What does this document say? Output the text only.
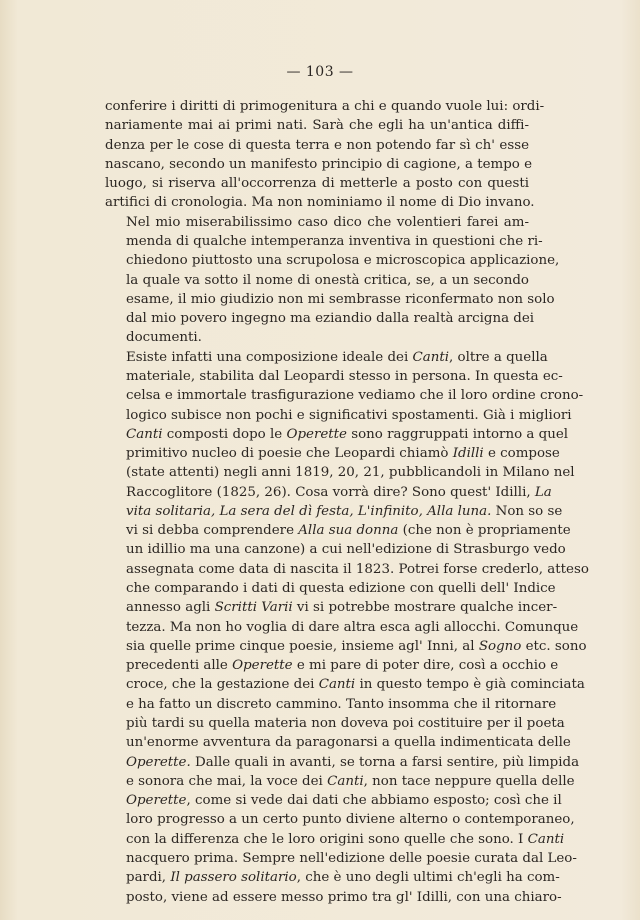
— 103 —

conferire i diritti di primogenitura a chi e quando vuole lui: ordi-
nariamente mai ai primi nati. Sarà che egli ha un'antica diffi-
denza per le cose di questa terra e non potendo far sì ch' esse
nascano, secondo un manifesto principio di cagione, a tempo e
luogo, si riserva all'occorrenza di metterle a posto con questi
artifici di cronologia. Ma non nominiamo il nome di Dio invano.

Nel mio miserabilissimo caso dico che volentieri farei am-
menda di qualche intemperanza inventiva in questioni che ri-
chiedono piuttosto una scrupolosa e microscopica applicazione,
la quale va sotto il nome di onestà critica, se, a un secondo
esame, il mio giudizio non mi sembrasse riconfermato non solo
dal mio povero ingegno ma eziandio dalla realtà arcigna dei
documenti.

Esiste infatti una composizione ideale dei Canti, oltre a quella
materiale, stabilita dal Leopardi stesso in persona. In questa ec-
celsa e immortale trasfigurazione vediamo che il loro ordine crono-
logico subisce non pochi e significativi spostamenti. Già i migliori
Canti composti dopo le Operette sono raggruppati intorno a quel
primitivo nucleo di poesie che Leopardi chiamò Idilli e compose
(state attenti) negli anni 1819, 20, 21, pubblicandoli in Milano nel
Raccoglitore (1825, 26). Cosa vorrà dire? Sono quest' Idilli, La
vita solitaria, La sera del dì festa, L'infinito, Alla luna. Non so se
vi si debba comprendere Alla sua donna (che non è propriamente
un idillio ma una canzone) a cui nell'edizione di Strasburgo vedo
assegnata come data di nascita il 1823. Potrei forse crederlo, atteso
che comparando i dati di questa edizione con quelli dell' Indice
annesso agli Scritti Varii vi si potrebbe mostrare qualche incer-
tezza. Ma non ho voglia di dare altra esca agli allocchi. Comunque
sia quelle prime cinque poesie, insieme agl' Inni, al Sogno etc. sono
precedenti alle Operette e mi pare di poter dire, così a occhio e
croce, che la gestazione dei Canti in questo tempo è già cominciata
e ha fatto un discreto cammino. Tanto insomma che il ritornare
più tardi su quella materia non doveva poi costituire per il poeta
un'enorme avventura da paragonarsi a quella indimenticata delle
Operette. Dalle quali in avanti, se torna a farsi sentire, più limpida
e sonora che mai, la voce dei Canti, non tace neppure quella delle
Operette, come si vede dai dati che abbiamo esposto; così che il
loro progresso a un certo punto diviene alterno o contemporaneo,
con la differenza che le loro origini sono quelle che sono. I Canti
nacquero prima. Sempre nell'edizione delle poesie curata dal Leo-
pardi, Il passero solitario, che è uno degli ultimi ch'egli ha com-
posto, viene ad essere messo primo tra gl' Idilli, con una chiaro-
